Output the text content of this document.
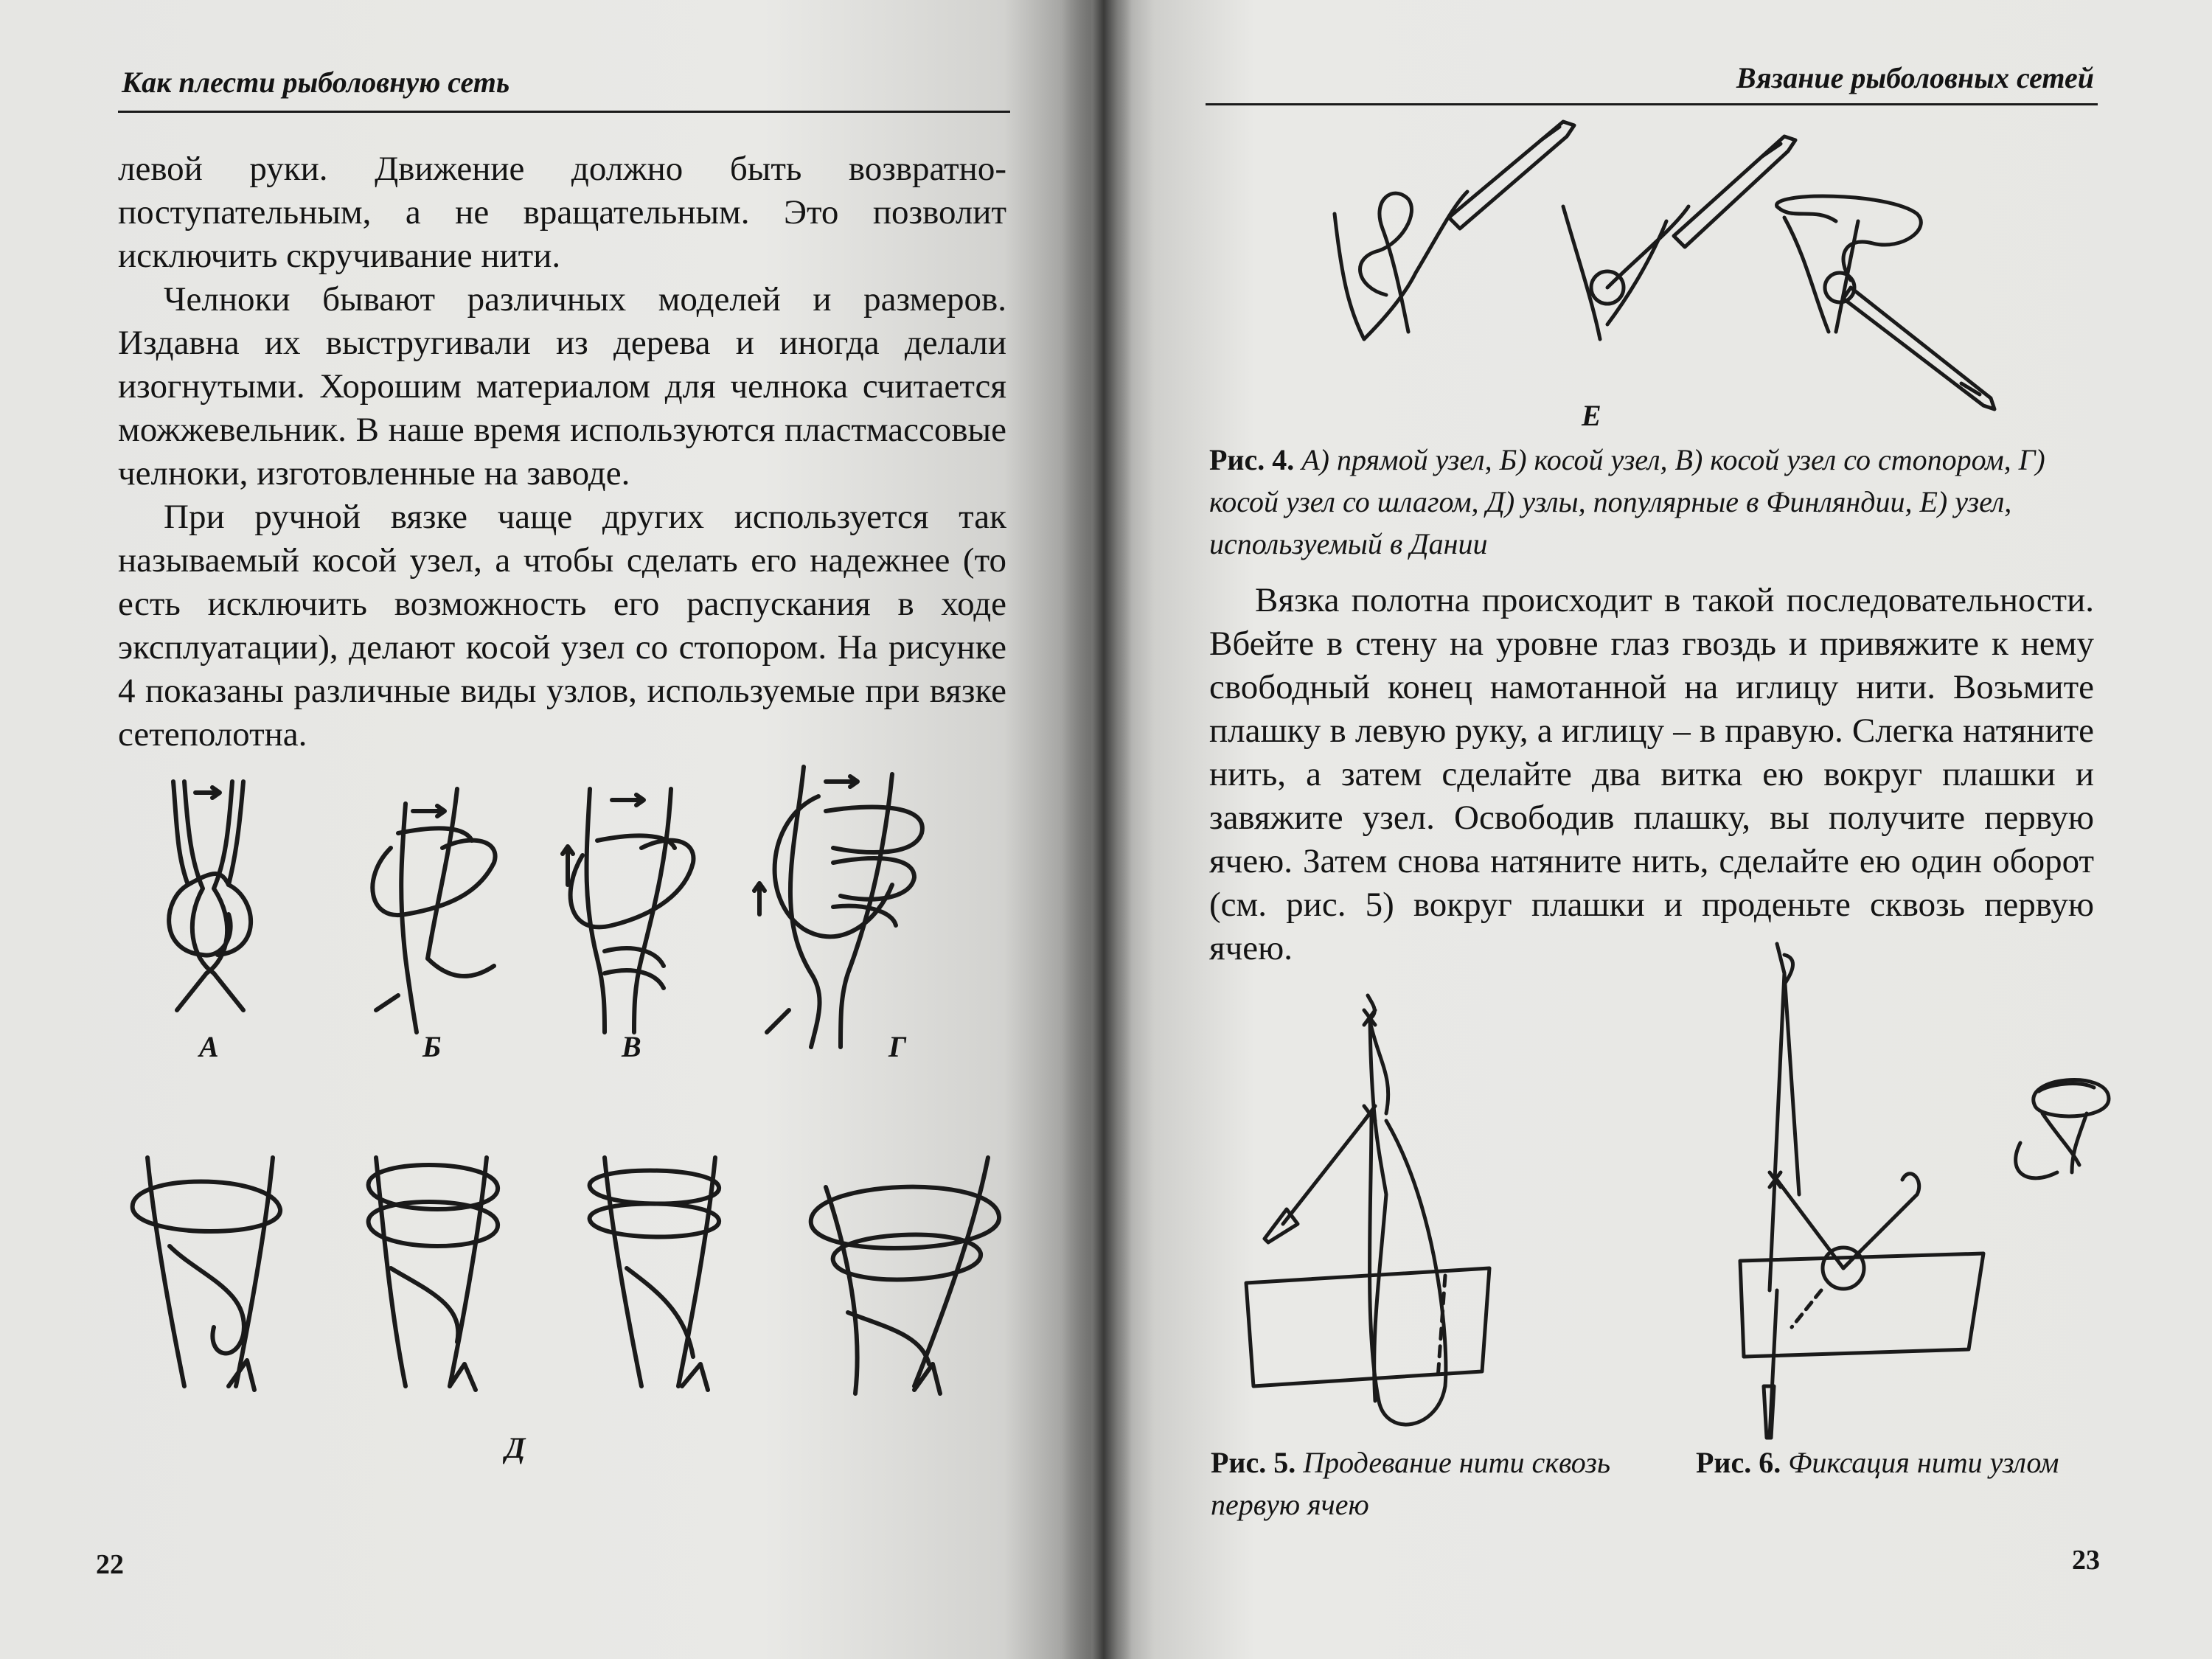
Как плести рыболовную сеть

левой руки. Движение должно быть возвратно-поступательным, а не вращательным. Это позволит исключить скручивание нити.

Челноки бывают различных моделей и размеров. Издавна их выстругивали из дерева и иногда делали изогнутыми. Хорошим материалом для челнока считается можжевельник. В наше время используются пластмассовые челноки, изготовленные на заводе.

При ручной вязке чаще других используется так называемый косой узел, а чтобы сделать его надежнее (то есть исключить возможность его распускания в ходе эксплуатации), делают косой узел со стопором. На рисунке 4 показаны различные виды узлов, используемые при вязке сетеполотна.

А	Б	В	Г
Д
22
Вязание рыболовных сетей
Е
Рис. 4. А) прямой узел, Б) косой узел, В) косой узел со стопором, Г) косой узел со шлагом, Д) узлы, популярные в Финляндии, Е) узел, используемый в Дании

Вязка полотна происходит в такой последовательности. Вбейте в стену на уровне глаз гвоздь и привяжите к нему свободный конец намотанной на иглицу нити. Возьмите плашку в левую руку, а иглицу – в правую. Слегка натяните нить, а затем сделайте два витка ею вокруг плашки и завяжите узел. Освободив плашку, вы получите первую ячею. Затем снова натяните нить, сделайте ею один оборот (см. рис. 5) вокруг плашки и проденьте сквозь первую ячею.

Рис. 5. Продевание нити сквозь первую ячею
Рис. 6. Фиксация нити узлом
23
